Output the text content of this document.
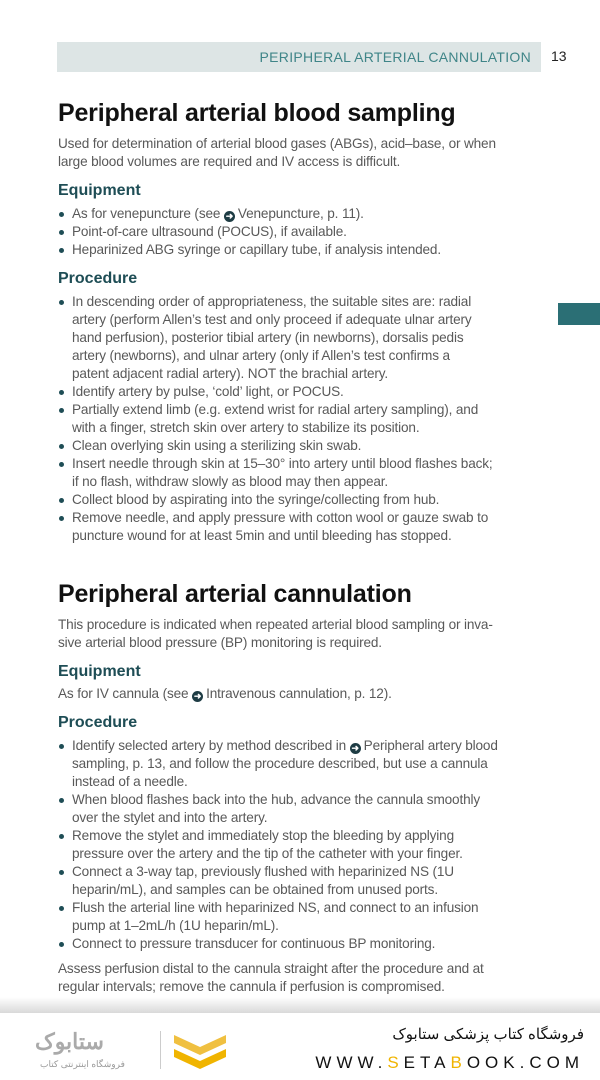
PERIPHERAL ARTERIAL CANNULATION 13
Peripheral arterial blood sampling
Used for determination of arterial blood gases (ABGs), acid–base, or when
large blood volumes are required and IV access is difficult.
Equipment
As for venepuncture (see ➜ Venepuncture, p. 11).
Point-of-care ultrasound (POCUS), if available.
Heparinized ABG syringe or capillary tube, if analysis intended.
Procedure
In descending order of appropriateness, the suitable sites are: radial
artery (perform Allen’s test and only proceed if adequate ulnar artery
hand perfusion), posterior tibial artery (in newborns), dorsalis pedis
artery (newborns), and ulnar artery (only if Allen’s test confirms a
patent adjacent radial artery). NOT the brachial artery.
Identify artery by pulse, ‘cold’ light, or POCUS.
Partially extend limb (e.g. extend wrist for radial artery sampling), and
with a finger, stretch skin over artery to stabilize its position.
Clean overlying skin using a sterilizing skin swab.
Insert needle through skin at 15–30° into artery until blood flashes back;
if no flash, withdraw slowly as blood may then appear.
Collect blood by aspirating into the syringe/collecting from hub.
Remove needle, and apply pressure with cotton wool or gauze swab to
puncture wound for at least 5min and until bleeding has stopped.
Peripheral arterial cannulation
This procedure is indicated when repeated arterial blood sampling or inva-
sive arterial blood pressure (BP) monitoring is required.
Equipment
As for IV cannula (see ➜ Intravenous cannulation, p. 12).
Procedure
Identify selected artery by method described in ➜ Peripheral artery blood
sampling, p. 13, and follow the procedure described, but use a cannula
instead of a needle.
When blood flashes back into the hub, advance the cannula smoothly
over the stylet and into the artery.
Remove the stylet and immediately stop the bleeding by applying
pressure over the artery and the tip of the catheter with your finger.
Connect a 3-way tap, previously flushed with heparinized NS (1U
heparin/mL), and samples can be obtained from unused ports.
Flush the arterial line with heparinized NS, and connect to an infusion
pump at 1–2mL/h (1U heparin/mL).
Connect to pressure transducer for continuous BP monitoring.
Assess perfusion distal to the cannula straight after the procedure and at
regular intervals; remove the cannula if perfusion is compromised.
ستابوک
فروشگاه اینترنتی کتاب
فروشگاه کتاب پزشکی ستابوک
WWW.SETABOOK.COM
